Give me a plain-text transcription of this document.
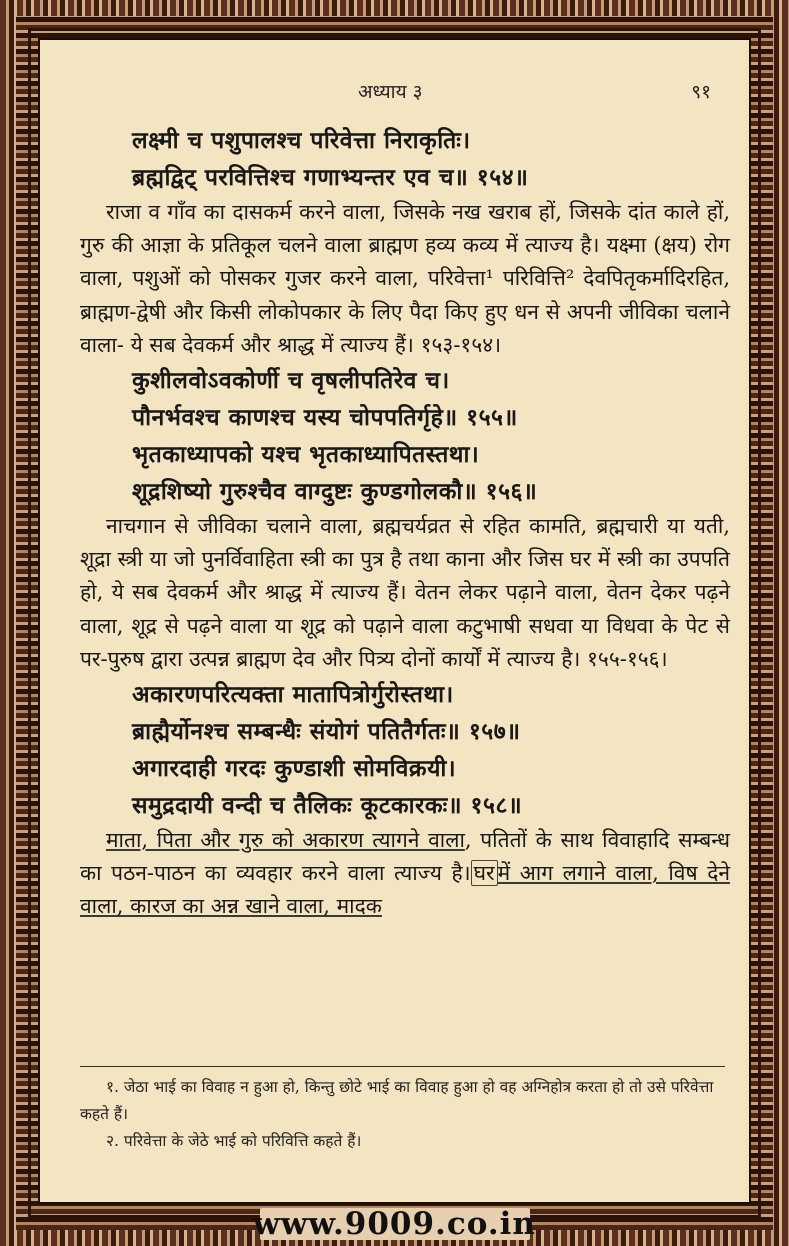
अध्याय ३	९१
लक्ष्मी च पशुपालश्च परिवेत्ता निराकृतिः।
ब्रह्मद्विट् परवित्तिश्च गणाभ्यन्तर एव च॥ १५४॥

राजा व गाँव का दासकर्म करने वाला, जिसके नख खराब हों, जिसके दांत काले हों, गुरु की आज्ञा के प्रतिकूल चलने वाला ब्राह्मण हव्य कव्य में त्याज्य है। यक्ष्मा (क्षय) रोग वाला, पशुओं को पोसकर गुजर करने वाला, परिवेत्ता¹ परिवित्ति² देवपितृकर्मादिरहित, ब्राह्मण-द्वेषी और किसी लोकोपकार के लिए पैदा किए हुए धन से अपनी जीविका चलाने वाला- ये सब देवकर्म और श्राद्ध में त्याज्य हैं। १५३-१५४।

कुशीलवोऽवकोर्णी च वृषलीपतिरेव च।
पौनर्भवश्च काणश्च यस्य चोपपतिर्गृहे॥ १५५॥
भृतकाध्यापको यश्च भृतकाध्यापितस्तथा।
शूद्रशिष्यो गुरुश्चैव वाग्दुष्टः कुण्डगोलकौ॥ १५६॥

नाचगान से जीविका चलाने वाला, ब्रह्मचर्यव्रत से रहित कामति, ब्रह्मचारी या यती, शूद्रा स्त्री या जो पुनर्विवाहिता स्त्री का पुत्र है तथा काना और जिस घर में स्त्री का उपपति हो, ये सब देवकर्म और श्राद्ध में त्याज्य हैं। वेतन लेकर पढ़ाने वाला, वेतन देकर पढ़ने वाला, शूद्र से पढ़ने वाला या शूद्र को पढ़ाने वाला कटुभाषी सधवा या विधवा के पेट से पर-पुरुष द्वारा उत्पन्न ब्राह्मण देव और पित्र्य दोनों कार्यों में त्याज्य है। १५५-१५६।

अकारणपरित्यक्ता मातापित्रोर्गुरोस्तथा।
ब्राह्मैर्योनश्च सम्बन्धैः संयोगं पतितैर्गतः॥ १५७॥
अगारदाही गरदः कुण्डाशी सोमविक्रयी।
समुद्रदायी वन्दी च तैलिकः कूटकारकः॥ १५८॥

माता, पिता और गुरु को अकारण त्यागने वाला, पतितों के साथ विवाहादि सम्बन्ध का पठन-पाठन का व्यवहार करने वाला त्याज्य है। घर में आग लगाने वाला, विष देने वाला, कारज का अन्न खाने वाला, मादक

१. जेठा भाई का विवाह न हुआ हो, किन्तु छोटे भाई का विवाह हुआ हो वह अग्निहोत्र करता हो तो उसे परिवेत्ता कहते हैं।
२. परिवेत्ता के जेठे भाई को परिवित्ति कहते हैं।
www.9009.co.in
